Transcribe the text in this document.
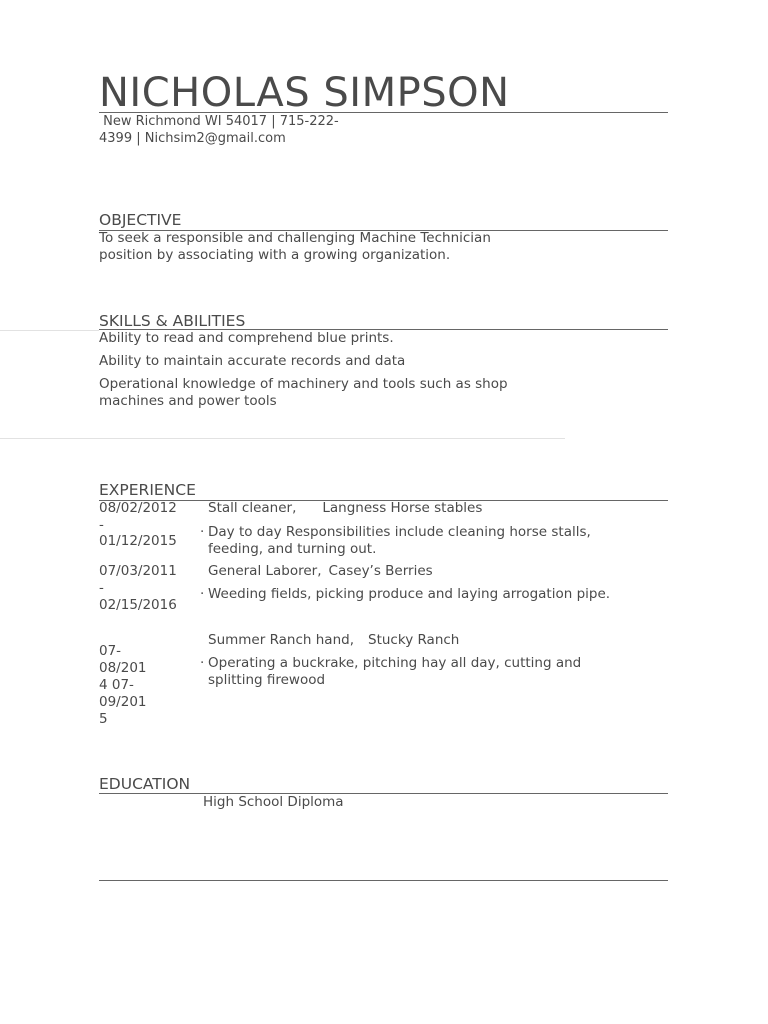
NICHOLAS SIMPSON
New Richmond WI 54017 | 715-222-
4399 | Nichsim2@gmail.com
OBJECTIVE
To seek a responsible and challenging Machine Technician
position by associating with a growing organization.
SKILLS & ABILITIES
Ability to read and comprehend blue prints.
Ability to maintain accurate records and data
Operational knowledge of machinery and tools such as shop
machines and power tools
EXPERIENCE
08/02/2012
-
01/12/2015
Stall cleaner, Langness Horse stables
· Day to day Responsibilities include cleaning horse stalls,
feeding, and turning out.
07/03/2011
-
02/15/2016
General Laborer, Casey’s Berries
· Weeding fields, picking produce and laying arrogation pipe.
07-
08/201
4 07-
09/201
5
Summer Ranch hand, Stucky Ranch
· Operating a buckrake, pitching hay all day, cutting and
splitting firewood
EDUCATION
High School Diploma
